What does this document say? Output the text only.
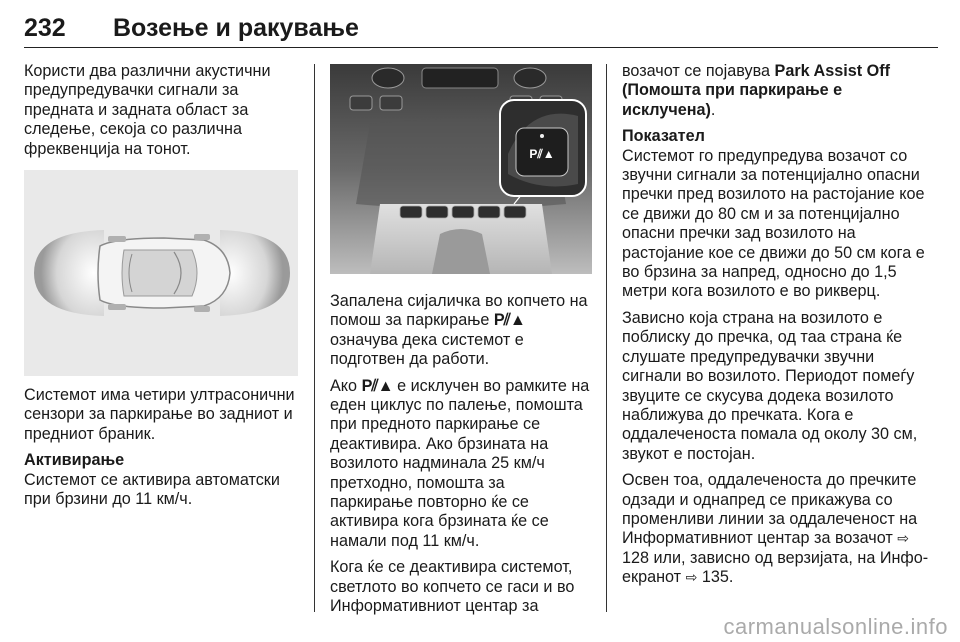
232 Возење и ракување

Користи два различни акустични предупредувачки сигнали за предната и задната област за следење, секоја со различна фреквенција на тонот.

Системот има четири ултрасонични сензори за паркирање во задниот и предниот браник.

Активирање

Системот се активира автоматски при брзини до 11 км/ч.

P⫽▲

Запалена сијаличка во копчето на помош за паркирање P⫽▲ означува дека системот е подготвен да работи.

Ако P⫽▲ е исклучен во рамките на еден циклус по палење, помошта при предното паркирање се деактивира. Ако брзината на возилото надминала 25 км/ч претходно, помошта за паркирање повторно ќе се активира кога брзината ќе се намали под 11 км/ч.

Кога ќе се деактивира системот, светлото во копчето се гаси и во Информативниот центар за

возачот се појавува Park Assist Off (Помошта при паркирање е исклучена).

Показател

Системот го предупредува возачот со звучни сигнали за потенцијално опасни пречки пред возилото на растојание кое се движи до 80 см и за потенцијално опасни пречки зад возилото на растојание кое се движи до 50 см кога е во брзина за напред, односно до 1,5 метри кога возилото е во рикверц.

Зависно која страна на возилото е поблиску до пречка, од таа страна ќе слушате предупредувачки звучни сигнали во возилото. Периодот помеѓу звуците се скусува додека возилото наближува до пречката. Кога е оддалеченоста помала од околу 30 см, звукот е постојан.

Освен тоа, оддалеченоста до пречките одзади и однапред се прикажува со променливи линии за оддалеченост на Информативниот центар за возачот ⇨ 128 или, зависно од верзијата, на Инфо-екранот ⇨ 135.

carmanualsonline.info
